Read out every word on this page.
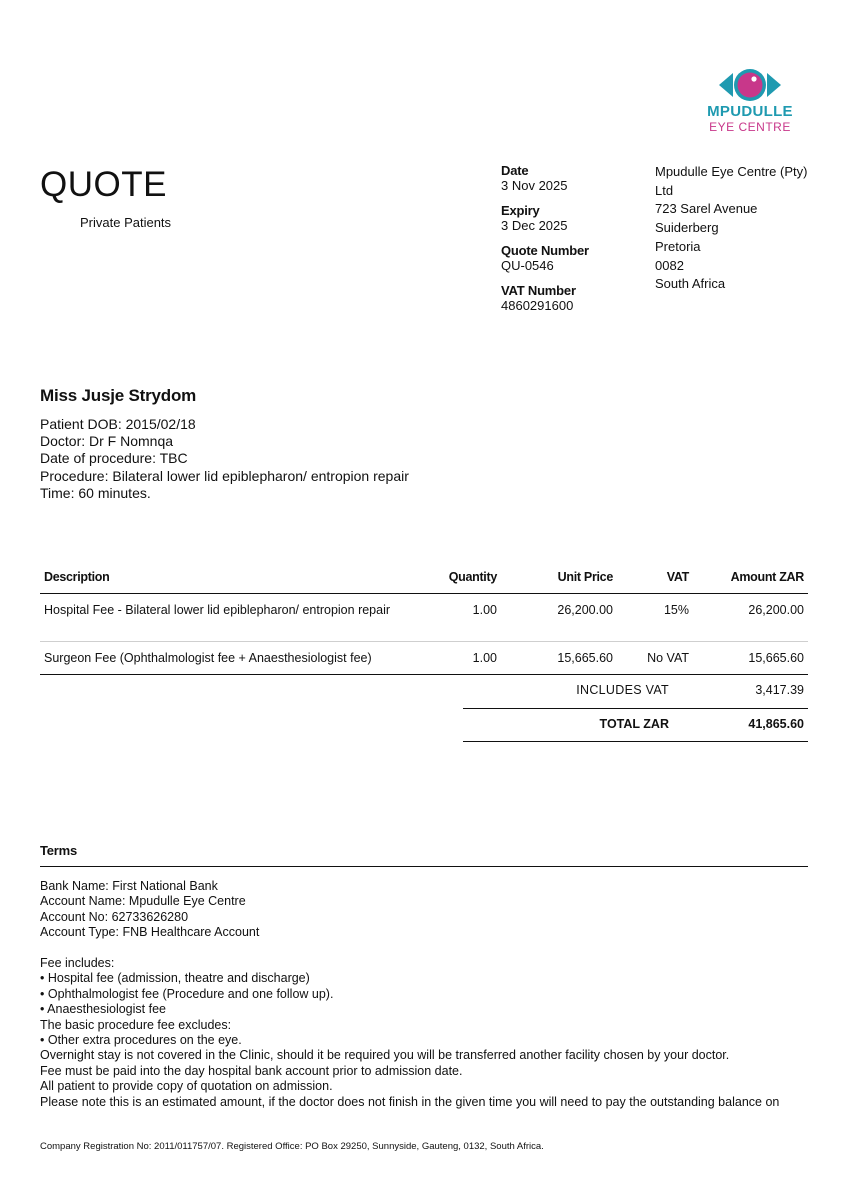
MPUDULLE
EYE CENTRE
QUOTE
Private Patients
Date
3 Nov 2025
Expiry
3 Dec 2025
Quote Number
QU-0546
VAT Number
4860291600
Mpudulle Eye Centre (Pty)
Ltd
723 Sarel Avenue
Suiderberg
Pretoria
0082
South Africa
Miss Jusje Strydom
Patient DOB: 2015/02/18
Doctor: Dr F Nomnqa
Date of procedure: TBC
Procedure: Bilateral lower lid epiblepharon/ entropion repair
Time: 60 minutes.
Description	Quantity	Unit Price	VAT	Amount ZAR
Hospital Fee - Bilateral lower lid epiblepharon/ entropion repair	1.00	26,200.00	15%	26,200.00
Surgeon Fee (Ophthalmologist fee + Anaesthesiologist fee)	1.00	15,665.60	No VAT	15,665.60
INCLUDES VAT	3,417.39
TOTAL ZAR	41,865.60
Terms
Bank Name: First National Bank
Account Name: Mpudulle Eye Centre
Account No: 62733626280
Account Type: FNB Healthcare Account
Fee includes:
• Hospital fee (admission, theatre and discharge)
• Ophthalmologist fee (Procedure and one follow up).
• Anaesthesiologist fee
The basic procedure fee excludes:
• Other extra procedures on the eye.
Overnight stay is not covered in the Clinic, should it be required you will be transferred another facility chosen by your doctor.
Fee must be paid into the day hospital bank account prior to admission date.
All patient to provide copy of quotation on admission.
Please note this is an estimated amount, if the doctor does not finish in the given time you will need to pay the outstanding balance on
Company Registration No: 2011/011757/07. Registered Office: PO Box 29250, Sunnyside, Gauteng, 0132, South Africa.
